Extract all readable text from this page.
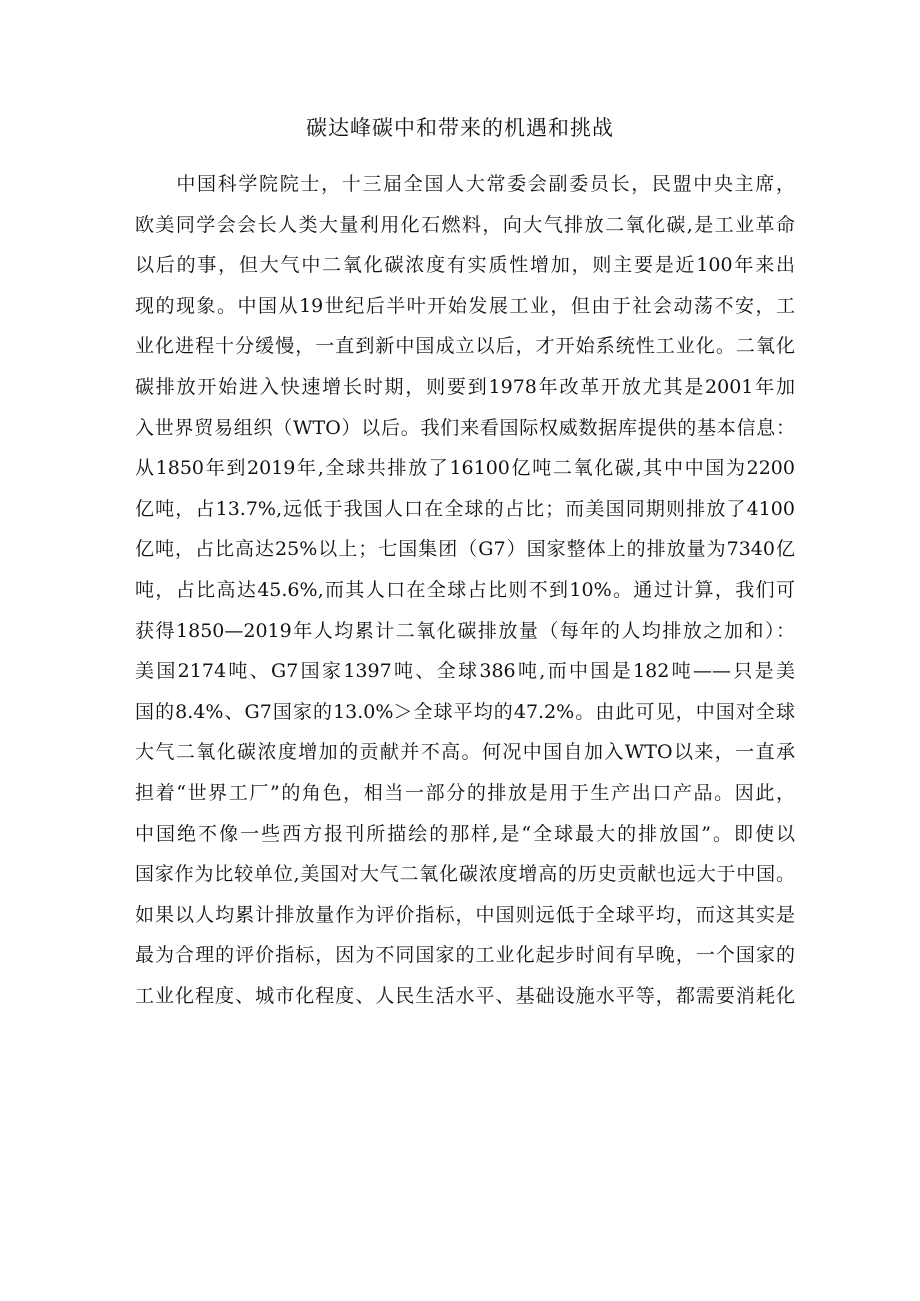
碳达峰碳中和带来的机遇和挑战
　　中国科学院院士，十三届全国人大常委会副委员长，民盟中央主席，
欧美同学会会长人类大量利用化石燃料，向大气排放二氧化碳,是工业革命
以后的事，但大气中二氧化碳浓度有实质性增加，则主要是近100年来出
现的现象。中国从19世纪后半叶开始发展工业，但由于社会动荡不安，工
业化进程十分缓慢，一直到新中国成立以后，才开始系统性工业化。二氧化
碳排放开始进入快速增长时期，则要到1978年改革开放尤其是2001年加
入世界贸易组织（WTO）以后。我们来看国际权威数据库提供的基本信息：
从1850年到2019年,全球共排放了16100亿吨二氧化碳,其中中国为2200
亿吨，占13.7%,远低于我国人口在全球的占比；而美国同期则排放了4100
亿吨，占比高达25%以上；七国集团（G7）国家整体上的排放量为7340亿
吨，占比高达45.6%,而其人口在全球占比则不到10%。通过计算，我们可
获得1850—2019年人均累计二氧化碳排放量（每年的人均排放之加和）：
美国2174吨、G7国家1397吨、全球386吨,而中国是182吨——只是美
国的8.4%、G7国家的13.0%＞全球平均的47.2%。由此可见，中国对全球
大气二氧化碳浓度增加的贡献并不高。何况中国自加入WTO以来，一直承
担着“世界工厂”的角色，相当一部分的排放是用于生产出口产品。因此，
中国绝不像一些西方报刊所描绘的那样,是“全球最大的排放国”。即使以
国家作为比较单位,美国对大气二氧化碳浓度增高的历史贡献也远大于中国。
如果以人均累计排放量作为评价指标，中国则远低于全球平均，而这其实是
最为合理的评价指标，因为不同国家的工业化起步时间有早晚，一个国家的
工业化程度、城市化程度、人民生活水平、基础设施水平等，都需要消耗化
